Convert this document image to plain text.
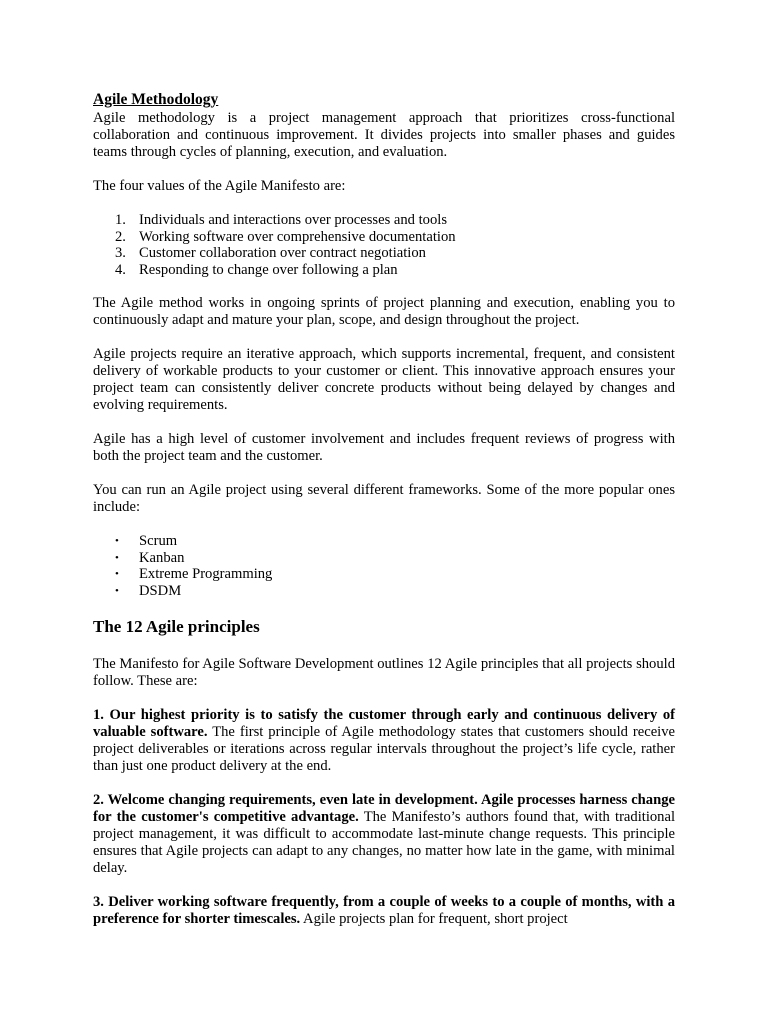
Agile Methodology

Agile methodology is a project management approach that prioritizes cross-functional collaboration and continuous improvement. It divides projects into smaller phases and guides teams through cycles of planning, execution, and evaluation.

The four values of the Agile Manifesto are:

1. Individuals and interactions over processes and tools
2. Working software over comprehensive documentation
3. Customer collaboration over contract negotiation
4. Responding to change over following a plan

The Agile method works in ongoing sprints of project planning and execution, enabling you to continuously adapt and mature your plan, scope, and design throughout the project.

Agile projects require an iterative approach, which supports incremental, frequent, and consistent delivery of workable products to your customer or client. This innovative approach ensures your project team can consistently deliver concrete products without being delayed by changes and evolving requirements.

Agile has a high level of customer involvement and includes frequent reviews of progress with both the project team and the customer.

You can run an Agile project using several different frameworks. Some of the more popular ones include:

• Scrum
• Kanban
• Extreme Programming
• DSDM
The 12 Agile principles

The Manifesto for Agile Software Development outlines 12 Agile principles that all projects should follow. These are:

1. Our highest priority is to satisfy the customer through early and continuous delivery of valuable software. The first principle of Agile methodology states that customers should receive project deliverables or iterations across regular intervals throughout the project’s life cycle, rather than just one product delivery at the end.

2. Welcome changing requirements, even late in development. Agile processes harness change for the customer's competitive advantage. The Manifesto’s authors found that, with traditional project management, it was difficult to accommodate last-minute change requests. This principle ensures that Agile projects can adapt to any changes, no matter how late in the game, with minimal delay.

3. Deliver working software frequently, from a couple of weeks to a couple of months, with a preference for shorter timescales. Agile projects plan for frequent, short project
